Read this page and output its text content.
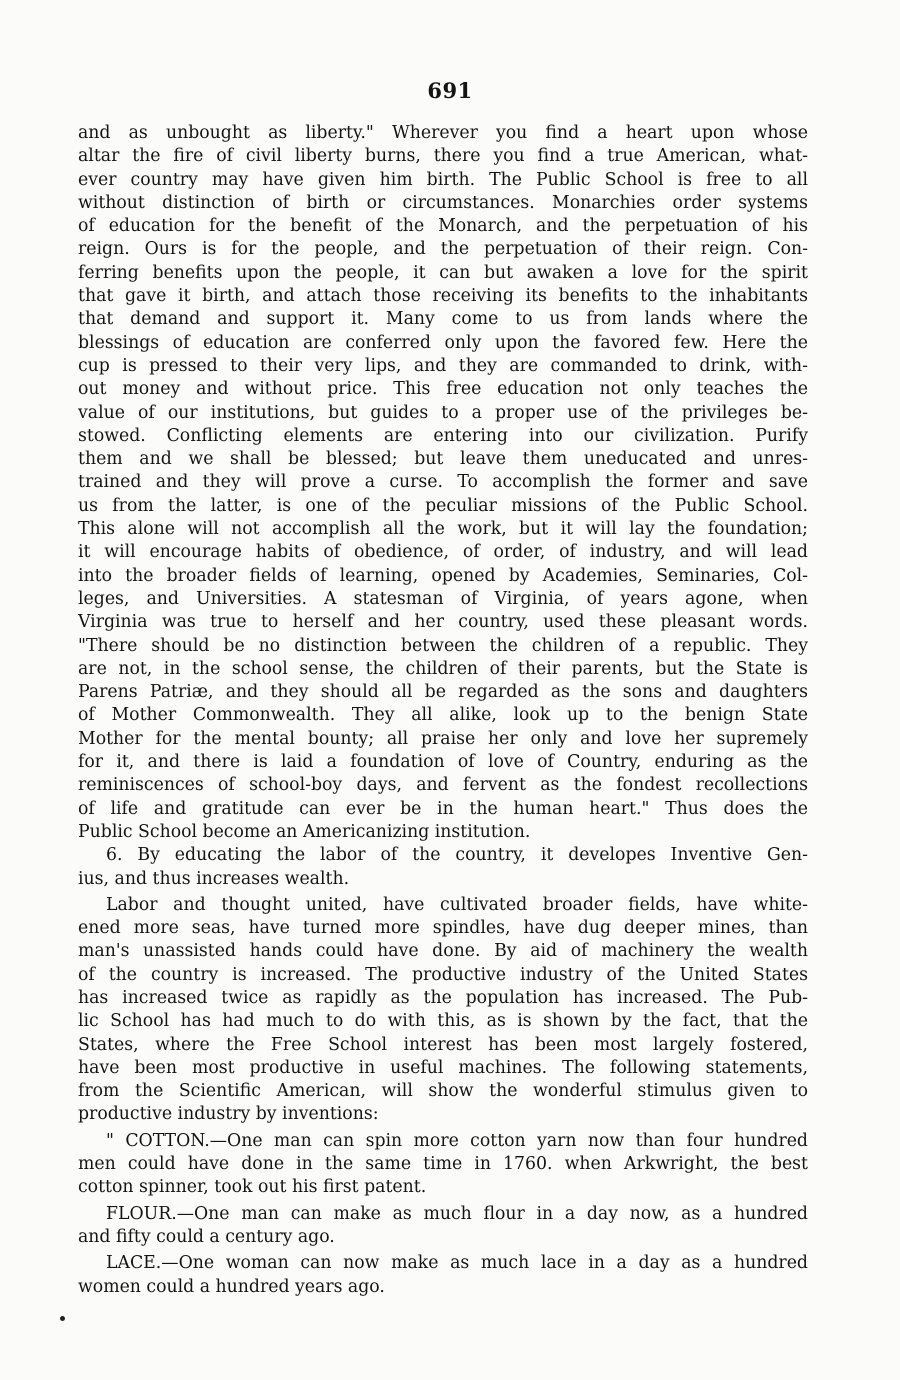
691
and as unbought as liberty." Wherever you find a heart upon whose
altar the fire of civil liberty burns, there you find a true American, what-
ever country may have given him birth. The Public School is free to all
without distinction of birth or circumstances. Monarchies order systems
of education for the benefit of the Monarch, and the perpetuation of his
reign. Ours is for the people, and the perpetuation of their reign. Con-
ferring benefits upon the people, it can but awaken a love for the spirit
that gave it birth, and attach those receiving its benefits to the inhabitants
that demand and support it. Many come to us from lands where the
blessings of education are conferred only upon the favored few. Here the
cup is pressed to their very lips, and they are commanded to drink, with-
out money and without price. This free education not only teaches the
value of our institutions, but guides to a proper use of the privileges be-
stowed. Conflicting elements are entering into our civilization. Purify
them and we shall be blessed; but leave them uneducated and unres-
trained and they will prove a curse. To accomplish the former and save
us from the latter, is one of the peculiar missions of the Public School.
This alone will not accomplish all the work, but it will lay the foundation;
it will encourage habits of obedience, of order, of industry, and will lead
into the broader fields of learning, opened by Academies, Seminaries, Col-
leges, and Universities. A statesman of Virginia, of years agone, when
Virginia was true to herself and her country, used these pleasant words.
"There should be no distinction between the children of a republic. They
are not, in the school sense, the children of their parents, but the State is
Parens Patriæ, and they should all be regarded as the sons and daughters
of Mother Commonwealth. They all alike, look up to the benign State
Mother for the mental bounty; all praise her only and love her supremely
for it, and there is laid a foundation of love of Country, enduring as the
reminiscences of school-boy days, and fervent as the fondest recollections
of life and gratitude can ever be in the human heart." Thus does the
Public School become an Americanizing institution.
6. By educating the labor of the country, it developes Inventive Gen-
ius, and thus increases wealth.
Labor and thought united, have cultivated broader fields, have white-
ened more seas, have turned more spindles, have dug deeper mines, than
man's unassisted hands could have done. By aid of machinery the wealth
of the country is increased. The productive industry of the United States
has increased twice as rapidly as the population has increased. The Pub-
lic School has had much to do with this, as is shown by the fact, that the
States, where the Free School interest has been most largely fostered,
have been most productive in useful machines. The following statements,
from the Scientific American, will show the wonderful stimulus given to
productive industry by inventions:
" COTTON.—One man can spin more cotton yarn now than four hundred
men could have done in the same time in 1760. when Arkwright, the best
cotton spinner, took out his first patent.
FLOUR.—One man can make as much flour in a day now, as a hundred
and fifty could a century ago.
LACE.—One woman can now make as much lace in a day as a hundred
women could a hundred years ago.
